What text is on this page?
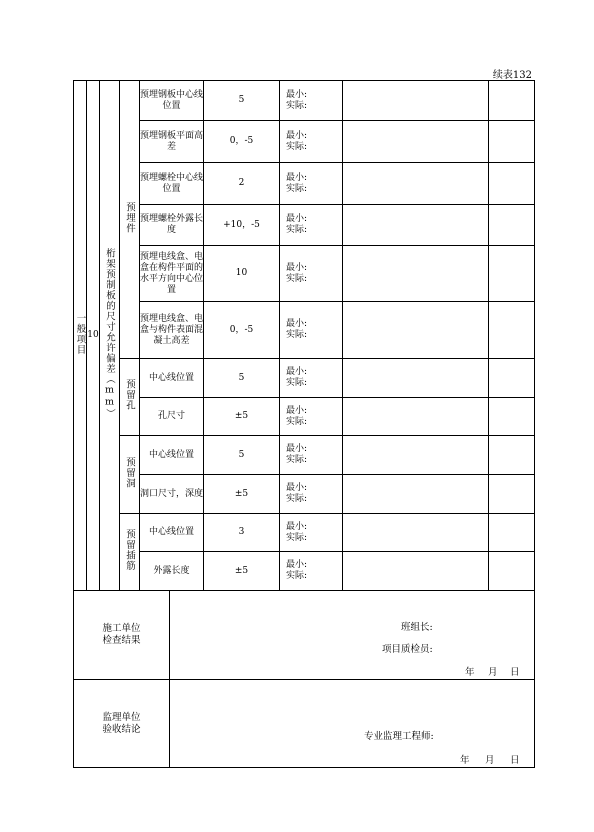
续表132
一般项目	10	桁架预制板的尺寸允许偏差（mm）	预埋件	预埋钢板中心线位置	5	最小:
实际:		

				预埋钢板平面高差	0，-5	最小:
实际:		

				预埋螺栓中心线位置	2	最小:
实际:		

				预埋螺栓外露长度	+10，-5	最小:
实际:		

				预埋电线盒、电盒在构件平面的水平方向中心位置	10	最小:
实际:		

				预埋电线盒、电盒与构件表面混凝土高差	0，-5	最小:
实际:		

			预留孔	中心线位置	5	最小:
实际:		

				孔尺寸	±5	最小:
实际:		

			预留洞	中心线位置	5	最小:
实际:		

				洞口尺寸，深度	±5	最小:
实际:		

			预留插筋	中心线位置	3	最小:
实际:		

				外露长度	±5	最小:
实际:		

施工单位检查结果	班组长:
项目质检员:
年 月 日

监理单位验收结论	专业监理工程师:
年 月 日
